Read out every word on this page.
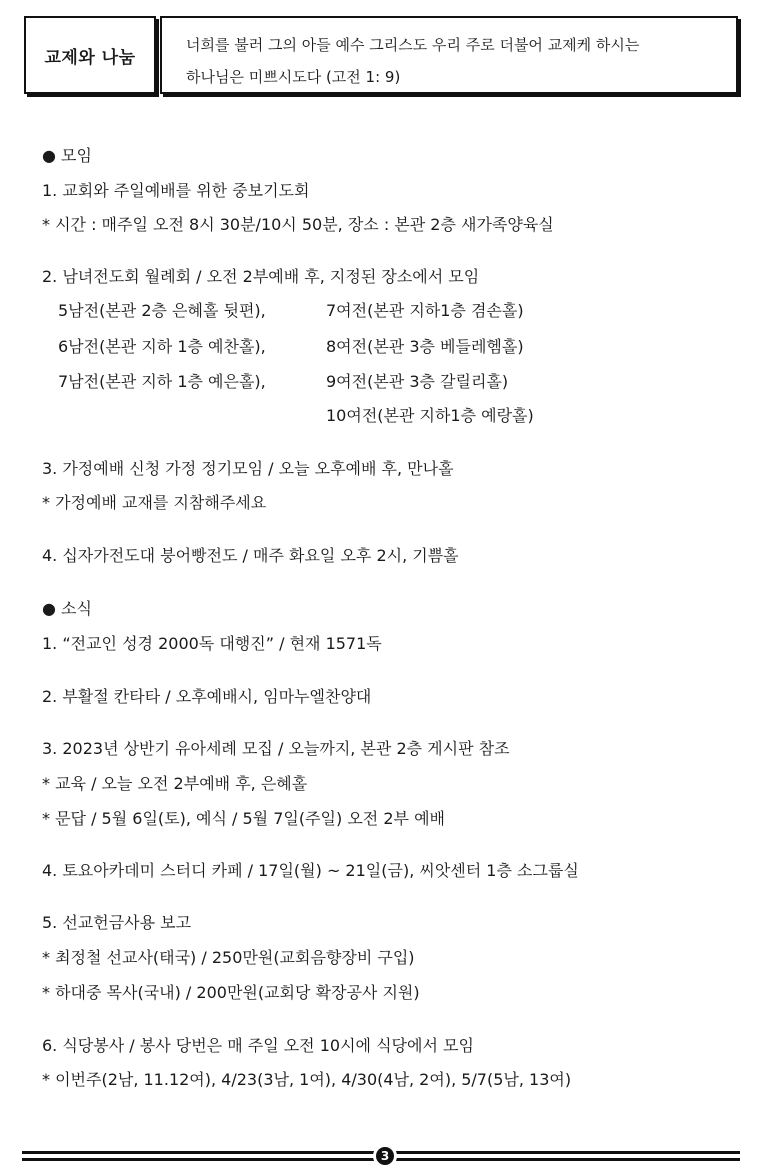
교제와 나눔
너희를 불러 그의 아들 예수 그리스도 우리 주로 더불어 교제케 하시는
하나님은 미쁘시도다 (고전 1: 9)
● 모임
1. 교회와 주일예배를 위한 중보기도회
* 시간 : 매주일 오전 8시 30분/10시 50분, 장소 : 본관 2층 새가족양육실
2. 남녀전도회 월례회 / 오전 2부예배 후, 지정된 장소에서 모임
5남전(본관 2층 은혜홀 뒷편),
6남전(본관 지하 1층 예찬홀),
7남전(본관 지하 1층 예은홀),
7여전(본관 지하1층 겸손홀)
8여전(본관 3층 베들레헴홀)
9여전(본관 3층 갈릴리홀)
10여전(본관 지하1층 예랑홀)
3. 가정예배 신청 가정 정기모임 / 오늘 오후예배 후, 만나홀
* 가정예배 교재를 지참해주세요
4. 십자가전도대 붕어빵전도 / 매주 화요일 오후 2시, 기쁨홀
● 소식
1. “전교인 성경 2000독 대행진” / 현재 1571독
2. 부활절 칸타타 / 오후예배시, 임마누엘찬양대
3. 2023년 상반기 유아세례 모집 / 오늘까지, 본관 2층 게시판 참조
* 교육 / 오늘 오전 2부예배 후, 은혜홀
* 문답 / 5월 6일(토), 예식 / 5월 7일(주일) 오전 2부 예배
4. 토요아카데미 스터디 카페 / 17일(월) ~ 21일(금), 씨앗센터 1층 소그룹실
5. 선교헌금사용 보고
* 최정철 선교사(태국) / 250만원(교회음향장비 구입)
* 하대중 목사(국내) / 200만원(교회당 확장공사 지원)
6. 식당봉사 / 봉사 당번은 매 주일 오전 10시에 식당에서 모임
* 이번주(2남, 11.12여), 4/23(3남, 1여), 4/30(4남, 2여), 5/7(5남, 13여)
3
